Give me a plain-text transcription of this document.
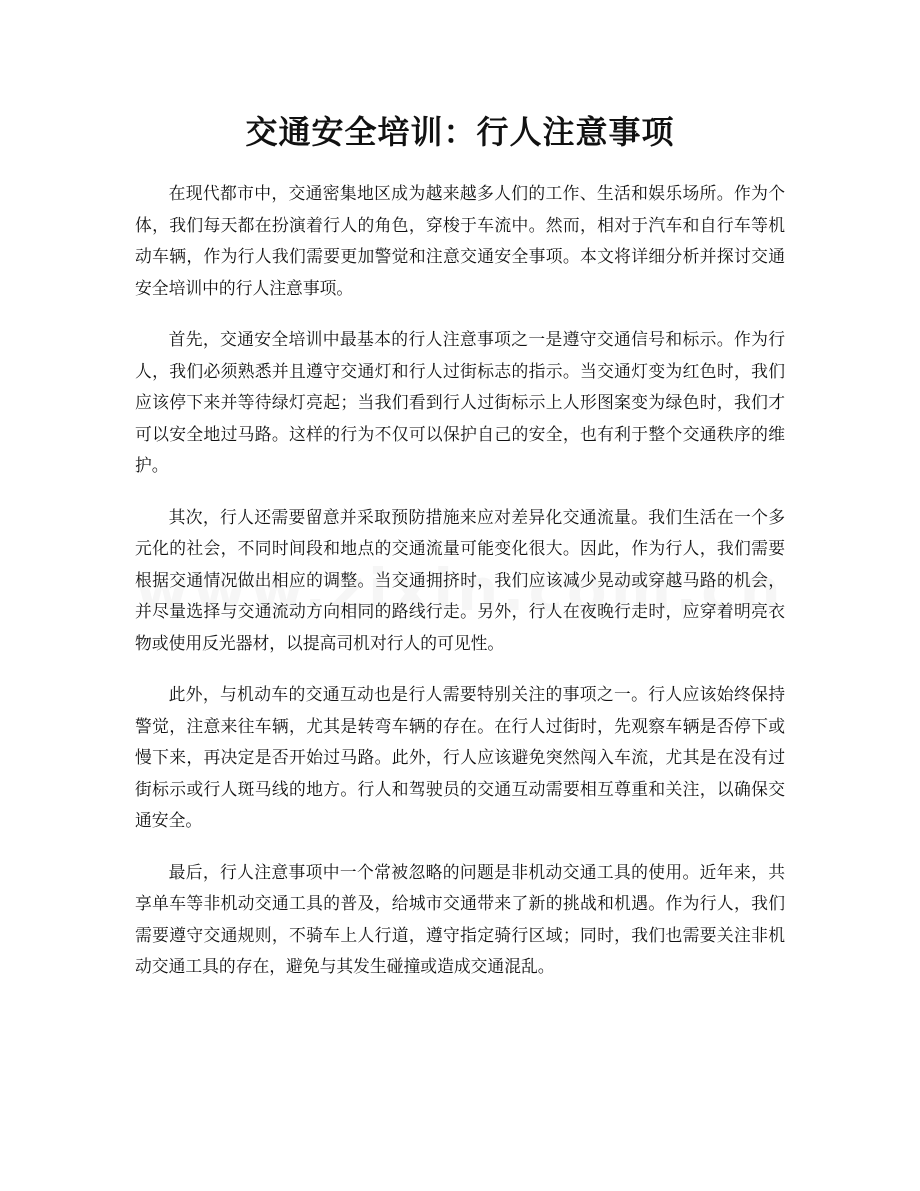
交通安全培训：行人注意事项

在现代都市中，交通密集地区成为越来越多人们的工作、生活和娱乐场所。作为个体，我们每天都在扮演着行人的角色，穿梭于车流中。然而，相对于汽车和自行车等机动车辆，作为行人我们需要更加警觉和注意交通安全事项。本文将详细分析并探讨交通安全培训中的行人注意事项。

首先，交通安全培训中最基本的行人注意事项之一是遵守交通信号和标示。作为行人，我们必须熟悉并且遵守交通灯和行人过街标志的指示。当交通灯变为红色时，我们应该停下来并等待绿灯亮起；当我们看到行人过街标示上人形图案变为绿色时，我们才可以安全地过马路。这样的行为不仅可以保护自己的安全，也有利于整个交通秩序的维护。

其次，行人还需要留意并采取预防措施来应对差异化交通流量。我们生活在一个多元化的社会，不同时间段和地点的交通流量可能变化很大。因此，作为行人，我们需要根据交通情况做出相应的调整。当交通拥挤时，我们应该减少晃动或穿越马路的机会，并尽量选择与交通流动方向相同的路线行走。另外，行人在夜晚行走时，应穿着明亮衣物或使用反光器材，以提高司机对行人的可见性。

此外，与机动车的交通互动也是行人需要特别关注的事项之一。行人应该始终保持警觉，注意来往车辆，尤其是转弯车辆的存在。在行人过街时，先观察车辆是否停下或慢下来，再决定是否开始过马路。此外，行人应该避免突然闯入车流，尤其是在没有过街标示或行人斑马线的地方。行人和驾驶员的交通互动需要相互尊重和关注，以确保交通安全。

最后，行人注意事项中一个常被忽略的问题是非机动交通工具的使用。近年来，共享单车等非机动交通工具的普及，给城市交通带来了新的挑战和机遇。作为行人，我们需要遵守交通规则，不骑车上人行道，遵守指定骑行区域；同时，我们也需要关注非机动交通工具的存在，避免与其发生碰撞或造成交通混乱。
